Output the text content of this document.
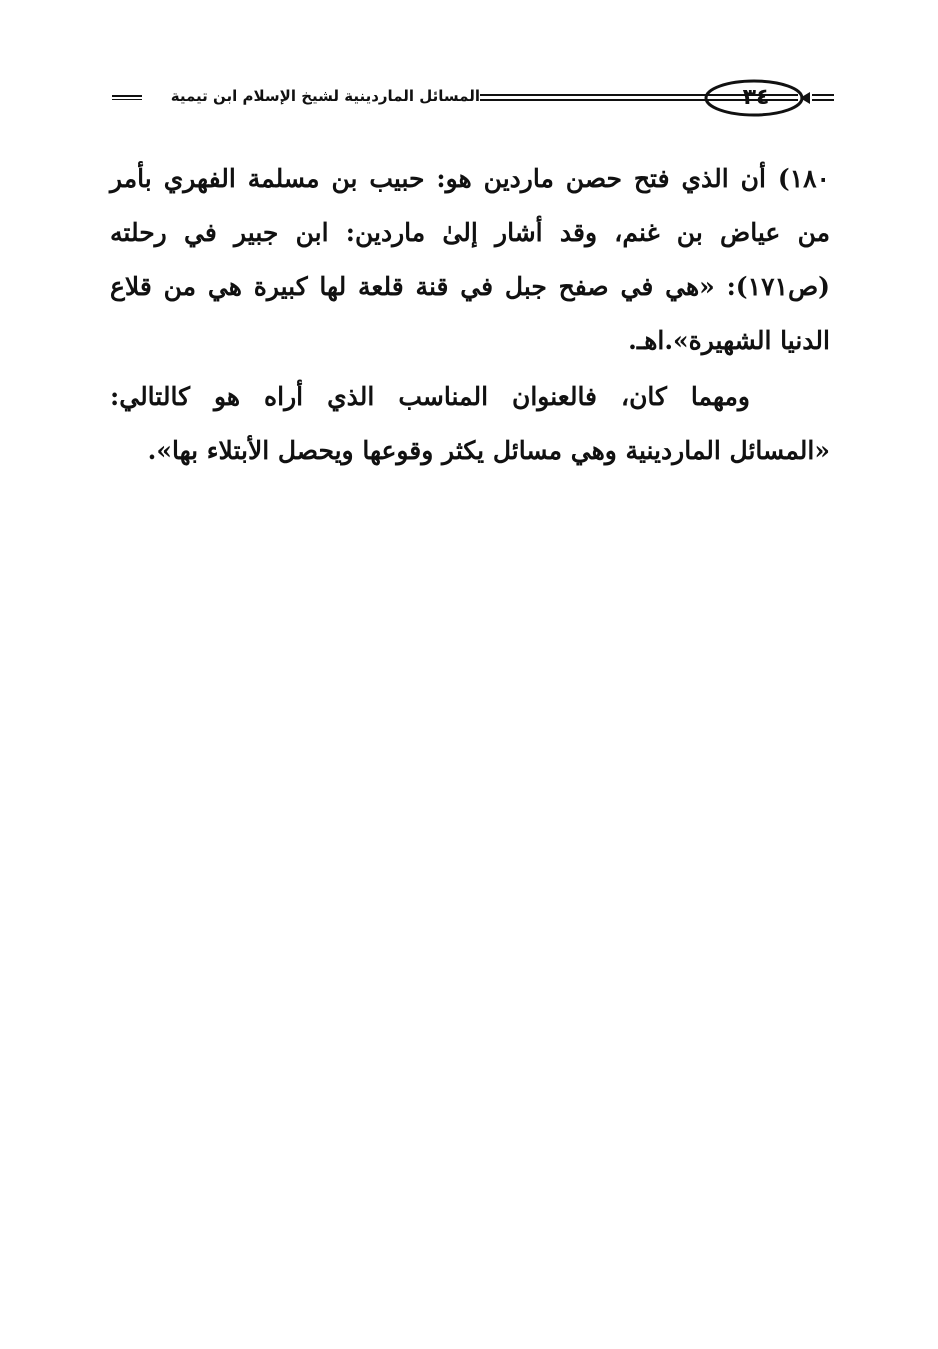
المسائل الماردينية لشيخ الإسلام ابن تيمية	٣٤
١٨٠) أن الذي فتح حصن ماردين هو: حبيب بن مسلمة الفهري بأمر
من عياض بن غنم، وقد أشار إلىٰ ماردين: ابن جبير في رحلته
(ص١٧١): «هي في صفح جبل في قنة قلعة لها كبيرة هي من قلاع
الدنيا الشهيرة».اهـ.
ومهما كان، فالعنوان المناسب الذي أراه هو كالتالي:
«المسائل الماردينية وهي مسائل يكثر وقوعها ويحصل الأبتلاء بها».
